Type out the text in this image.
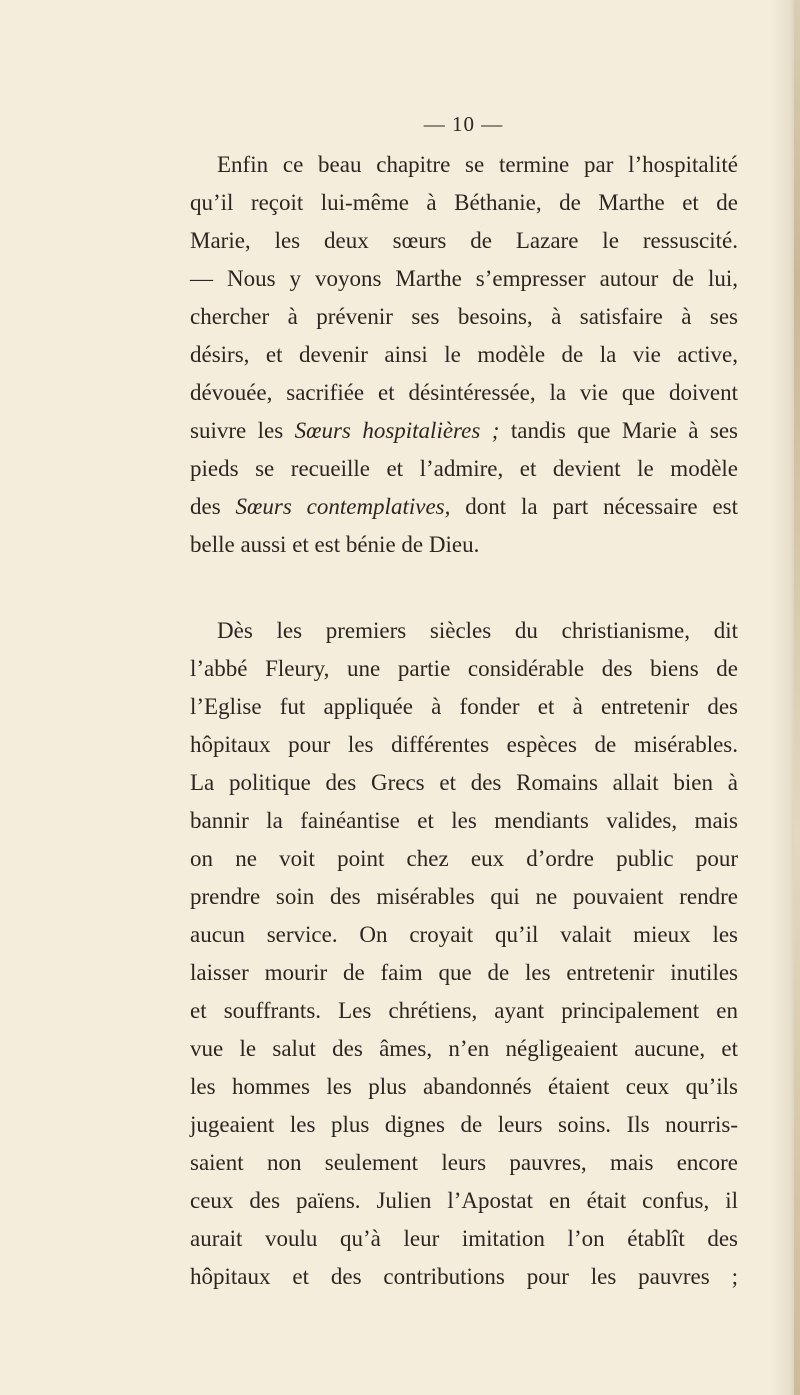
— 10 —

Enfin ce beau chapitre se termine par l’hospitalité
qu’il reçoit lui-même à Béthanie, de Marthe et de
Marie, les deux sœurs de Lazare le ressuscité.
— Nous y voyons Marthe s’empresser autour de lui,
chercher à prévenir ses besoins, à satisfaire à ses
désirs, et devenir ainsi le modèle de la vie active,
dévouée, sacrifiée et désintéressée, la vie que doivent
suivre les Sœurs hospitalières ; tandis que Marie à ses
pieds se recueille et l’admire, et devient le modèle
des Sœurs contemplatives, dont la part nécessaire est
belle aussi et est bénie de Dieu.
Dès les premiers siècles du christianisme, dit
l’abbé Fleury, une partie considérable des biens de
l’Eglise fut appliquée à fonder et à entretenir des
hôpitaux pour les différentes espèces de misérables.
La politique des Grecs et des Romains allait bien à
bannir la fainéantise et les mendiants valides, mais
on ne voit point chez eux d’ordre public pour
prendre soin des misérables qui ne pouvaient rendre
aucun service. On croyait qu’il valait mieux les
laisser mourir de faim que de les entretenir inutiles
et souffrants. Les chrétiens, ayant principalement en
vue le salut des âmes, n’en négligeaient aucune, et
les hommes les plus abandonnés étaient ceux qu’ils
jugeaient les plus dignes de leurs soins. Ils nourris-
saient non seulement leurs pauvres, mais encore
ceux des païens. Julien l’Apostat en était confus, il
aurait voulu qu’à leur imitation l’on établît des
hôpitaux et des contributions pour les pauvres ;
